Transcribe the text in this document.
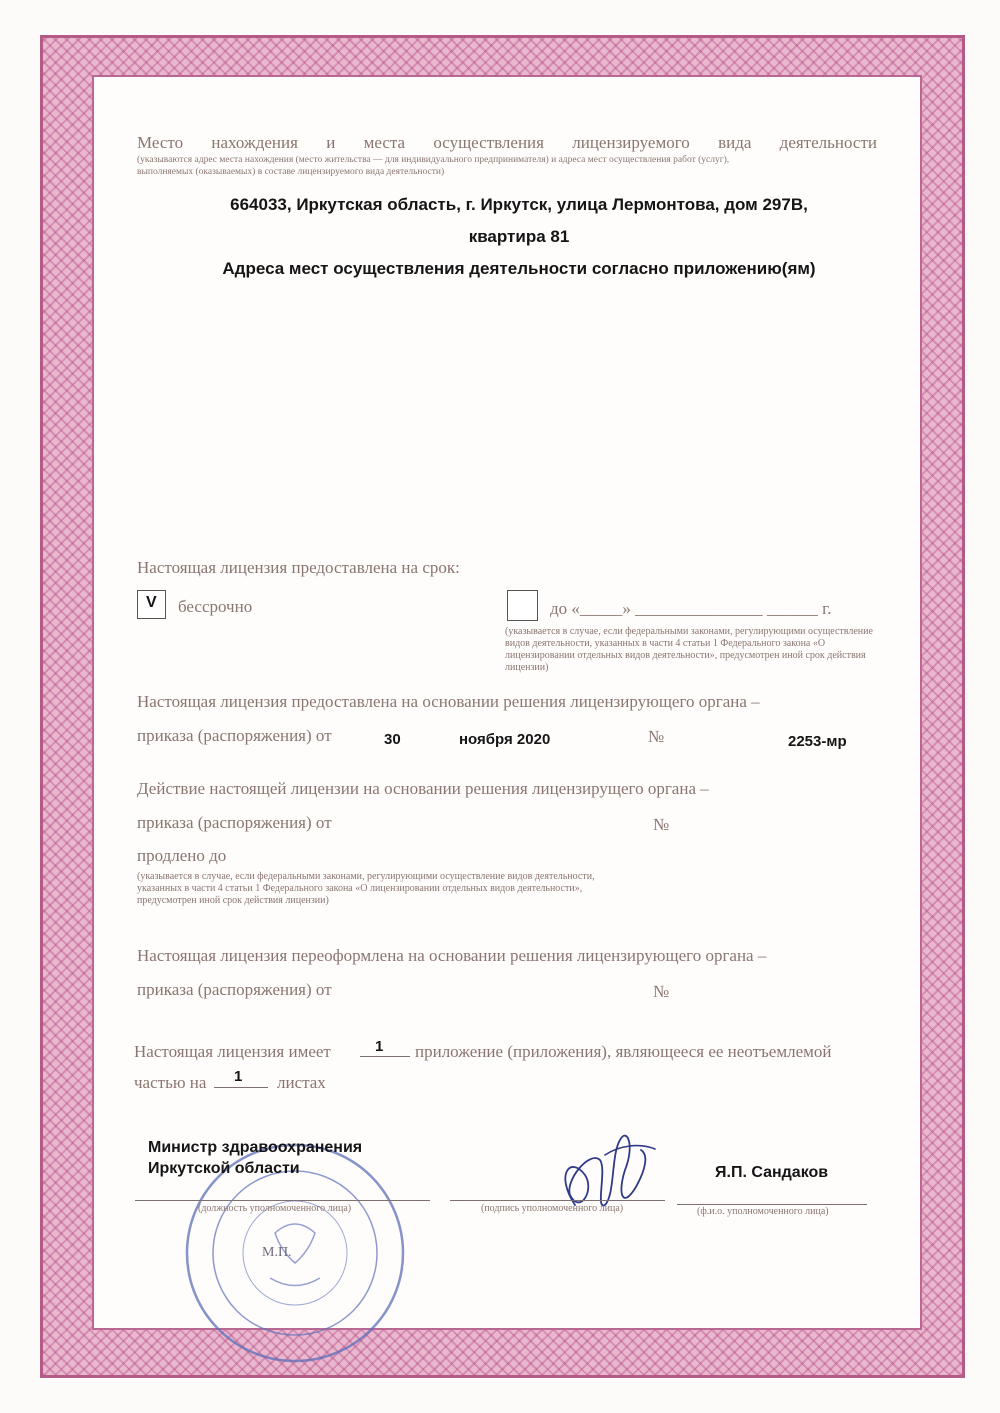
Место нахождения и места осуществления лицензируемого вида деятельности
(указываются адрес места нахождения (место жительства — для индивидуального предпринимателя) и адреса мест осуществления работ (услуг),
выполняемых (оказываемых) в составе лицензируемого вида деятельности)
664033, Иркутская область, г. Иркутск, улица Лермонтова, дом 297В,
квартира 81
Адреса мест осуществления деятельности согласно приложению(ям)
Настоящая лицензия предоставлена на срок:
V бессрочно	до «_____» _______________ ______ г.
(указывается в случае, если федеральными законами, регулирующими осуществление видов деятельности, указанных в части 4 статьи 1 Федерального закона «О лицензировании отдельных видов деятельности», предусмотрен иной срок действия лицензии)
Настоящая лицензия предоставлена на основании решения лицензирующего органа –
приказа (распоряжения) от	30	ноября 2020	№	2253-мр
Действие настоящей лицензии на основании решения лицензирущего органа –
приказа (распоряжения) от	№
продлено до
(указывается в случае, если федеральными законами, регулирующими осуществление видов деятельности, указанных в части 4 статьи 1 Федерального закона «О лицензировании отдельных видов деятельности», предусмотрен иной срок действия лицензии)
Настоящая лицензия переоформлена на основании решения лицензирующего органа –
приказа (распоряжения) от	№
Настоящая лицензия имеет	1 приложение (приложения), являющееся ее неотъемлемой
частью на 1 листах
М.П.
Министр здравоохранения
Иркутской области
(должность уполномоченного лица)	(подпись уполномоченного лица)
Я.П. Сандаков
(ф.и.о. уполномоченного лица)
